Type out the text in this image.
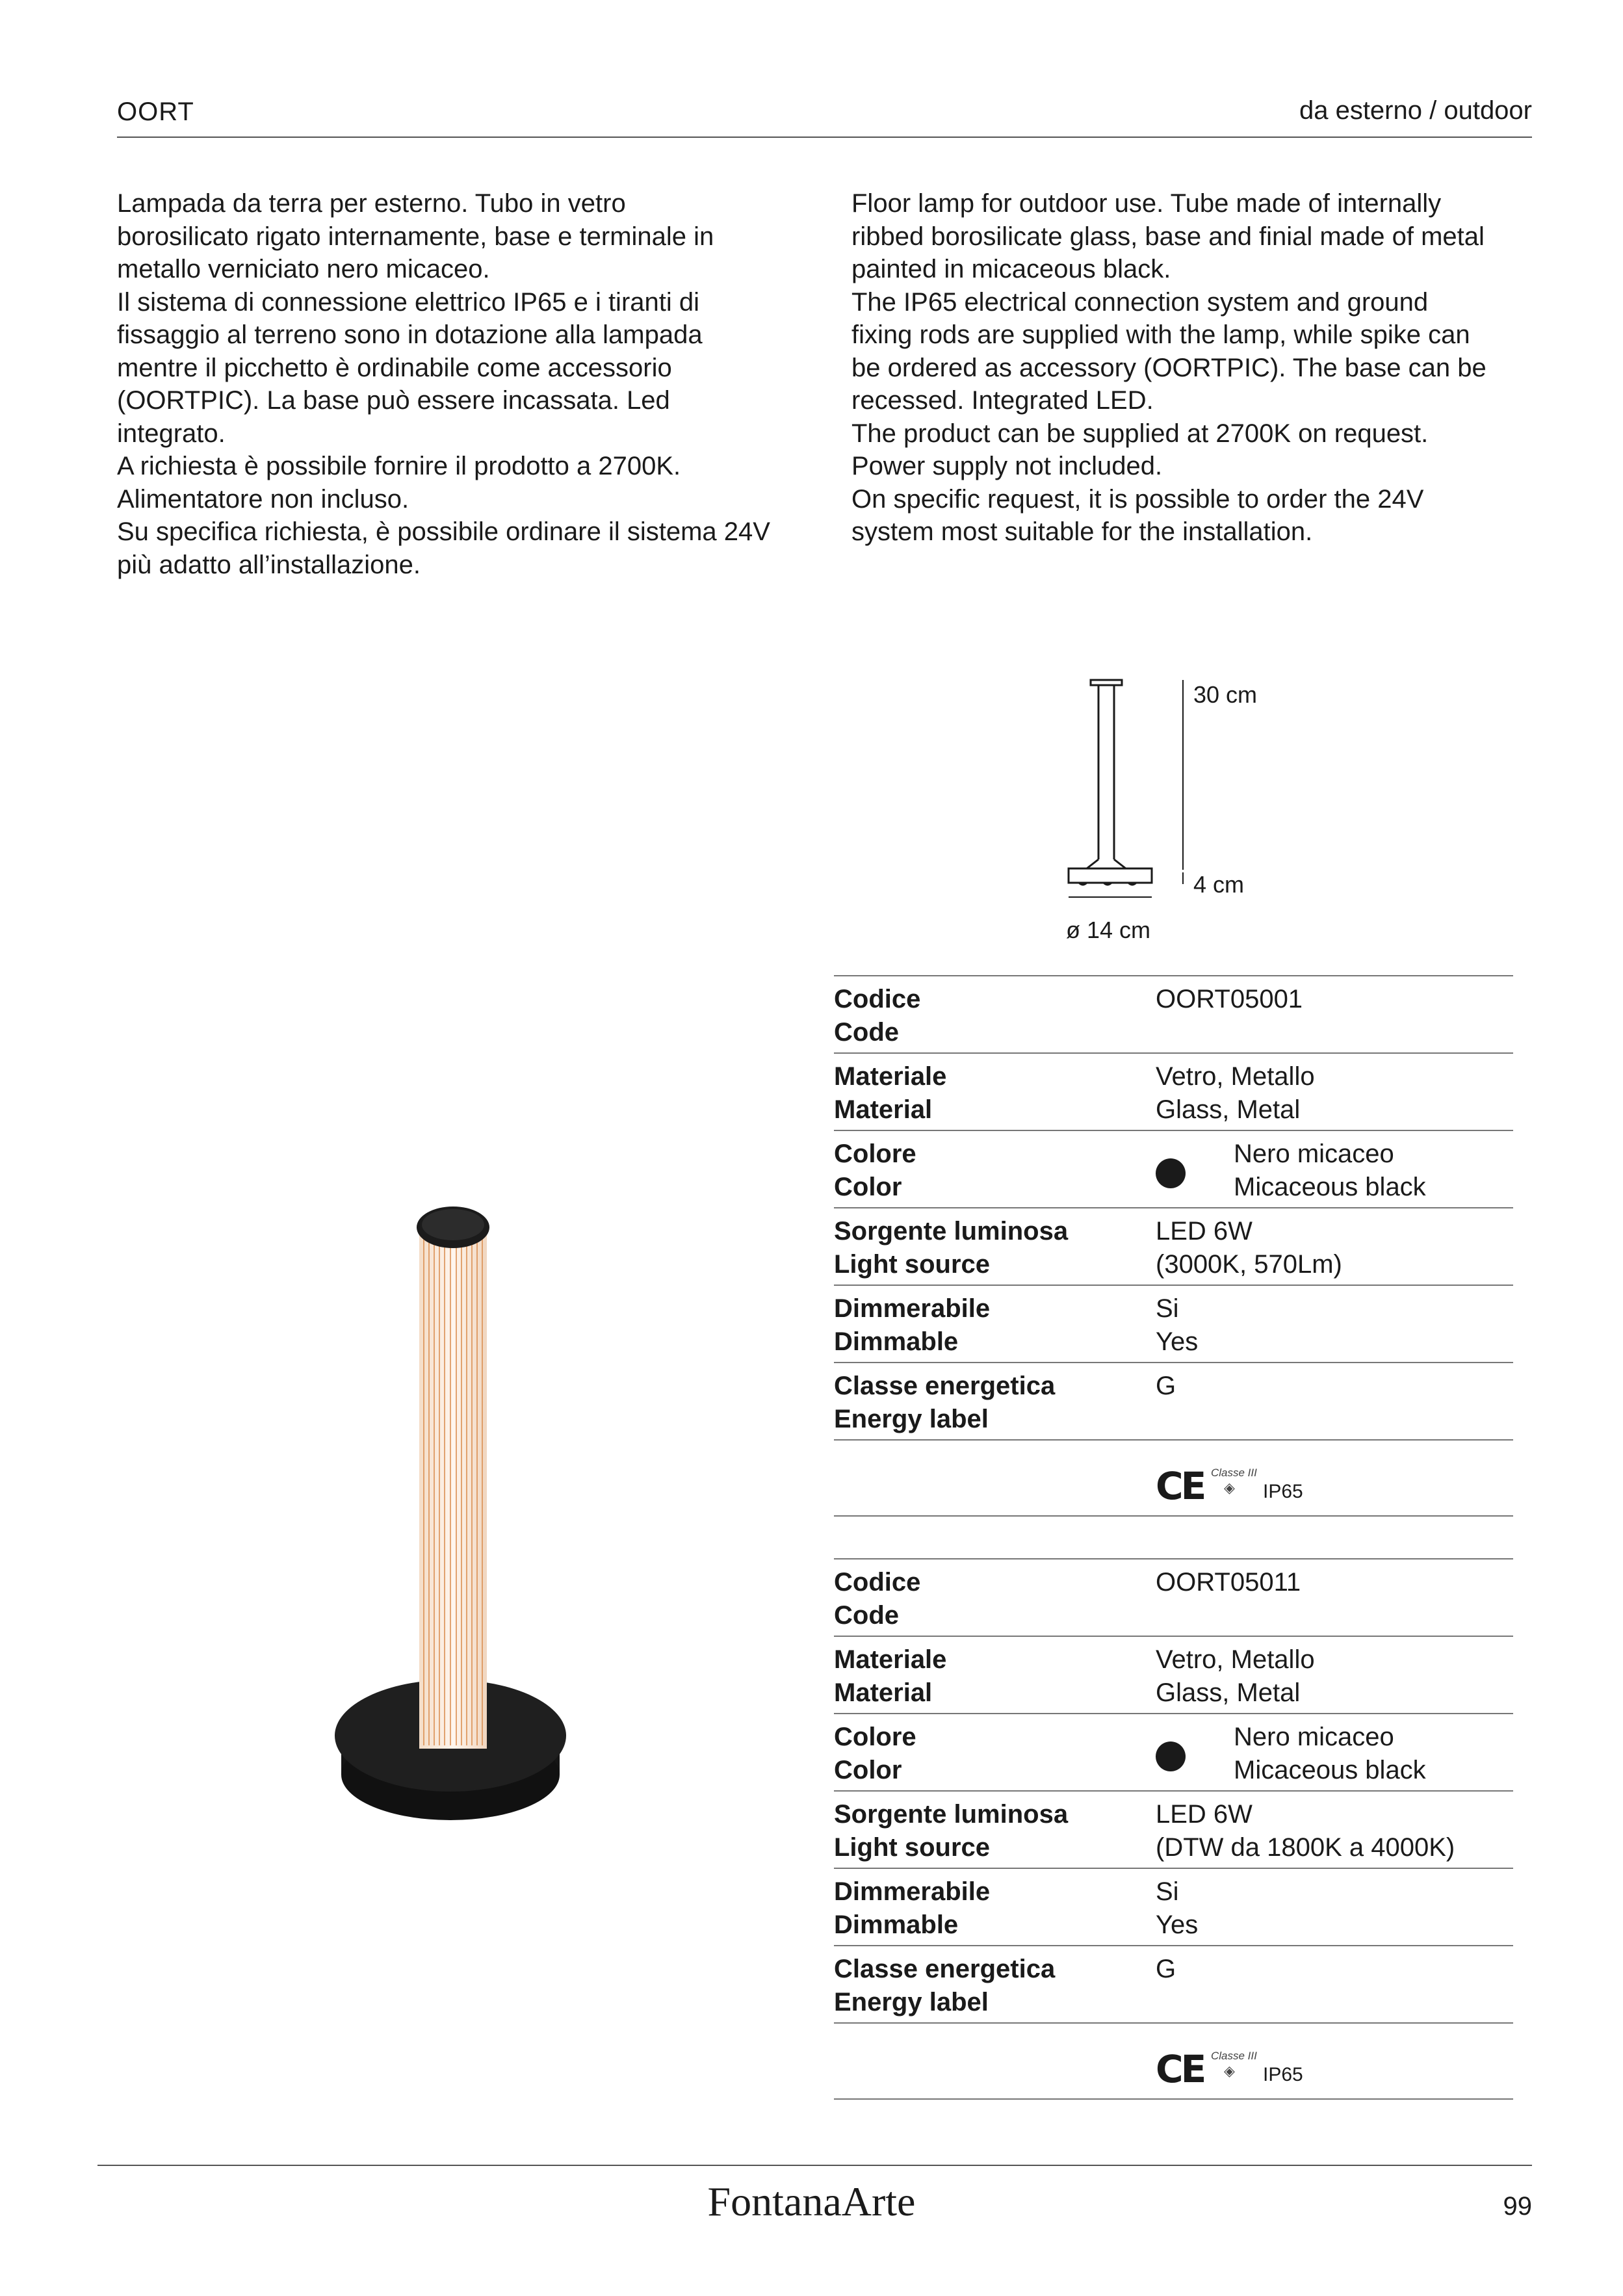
OORT	da esterno / outdoor

Lampada da terra per esterno. Tubo in vetro

borosilicato rigato internamente, base e terminale in

metallo verniciato nero micaceo.

Il sistema di connessione elettrico IP65 e i tiranti di

fissaggio al terreno sono in dotazione alla lampada

mentre il picchetto è ordinabile come accessorio

(OORTPIC). La base può essere incassata. Led

integrato.

A richiesta è possibile fornire il prodotto a 2700K.

Alimentatore non incluso.

Su specifica richiesta, è possibile ordinare il sistema 24V

più adatto all’installazione.

Floor lamp for outdoor use. Tube made of internally

ribbed borosilicate glass, base and finial made of metal

painted in micaceous black.

The IP65 electrical connection system and ground

fixing rods are supplied with the lamp, while spike can

be ordered as accessory (OORTPIC). The base can be

recessed. Integrated LED.

The product can be supplied at 2700K on request.

Power supply not included.

On specific request, it is possible to order the 24V

system most suitable for the installation.

30 cm
4 cm
ø 14 cm
Codice
Code
OORT05001
Materiale
Material
Vetro, Metallo
Glass, Metal
Colore
Color
Nero micaceo
Micaceous black
Sorgente luminosa
Light source
LED 6W
(3000K, 570Lm)
Dimmerabile
Dimmable
Si
Yes
Classe energetica
Energy label
G
CE Classe III
◈ IP65
Codice
Code
OORT05011
Materiale
Material
Vetro, Metallo
Glass, Metal
Colore
Color
Nero micaceo
Micaceous black
Sorgente luminosa
Light source
LED 6W
(DTW da 1800K a 4000K)
Dimmerabile
Dimmable
Si
Yes
Classe energetica
Energy label
G
CE Classe III
◈ IP65
FontanaArte	99
